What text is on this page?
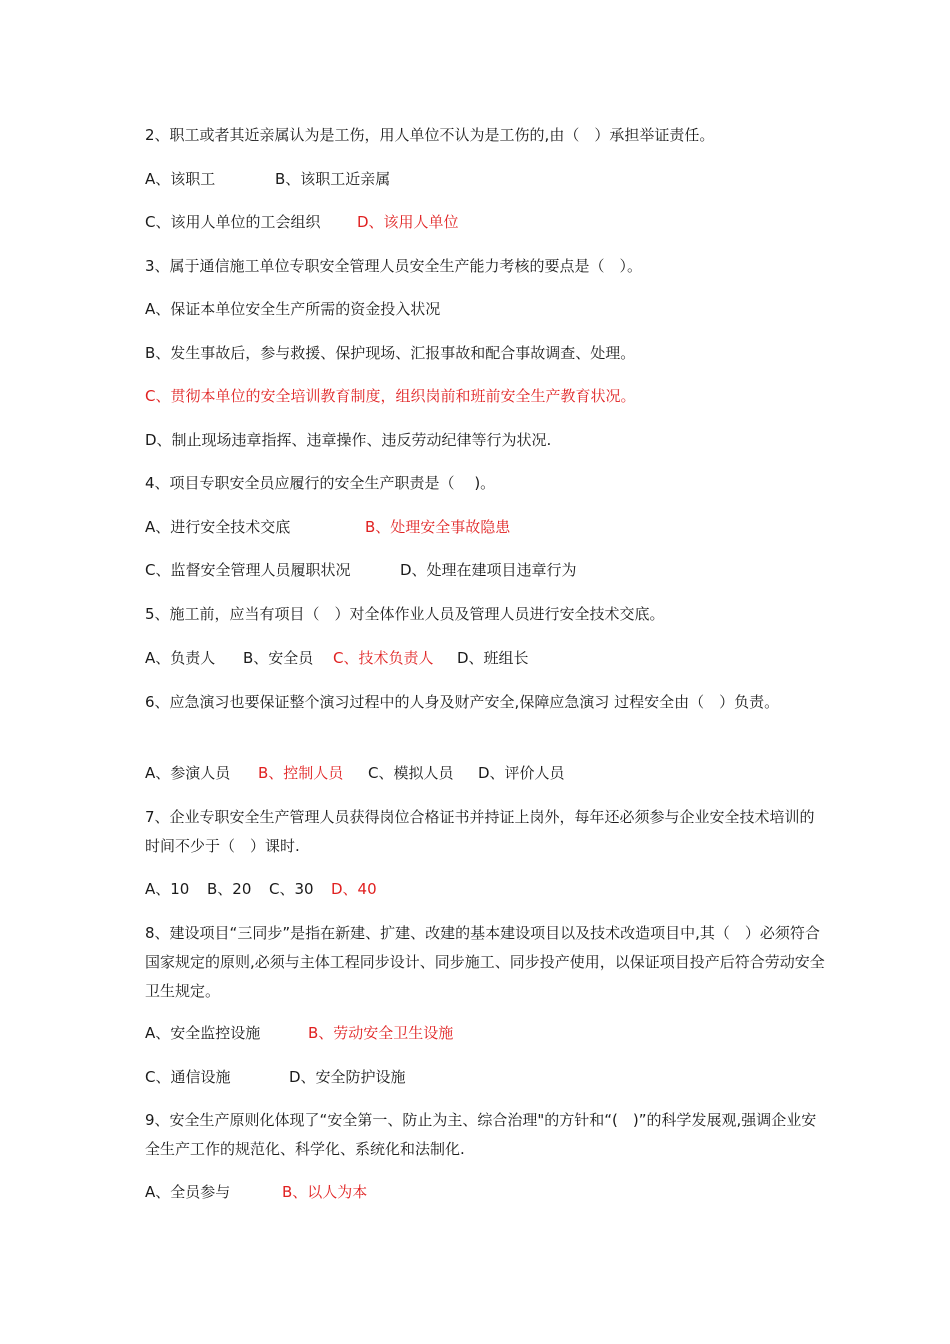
2、职工或者其近亲属认为是工伤，用人单位不认为是工伤的,由（　）承担举证责任。
A、该职工	B、该职工近亲属
C、该用人单位的工会组织 D、该用人单位
3、属于通信施工单位专职安全管理人员安全生产能力考核的要点是（　）。
A、保证本单位安全生产所需的资金投入状况
B、发生事故后，参与救援、保护现场、汇报事故和配合事故调查、处理。
C、贯彻本单位的安全培训教育制度，组织岗前和班前安全生产教育状况。
D、制止现场违章指挥、违章操作、违反劳动纪律等行为状况.
4、项目专职安全员应履行的安全生产职责是（　 )。
A、进行安全技术交底	B、处理安全事故隐患
C、监督安全管理人员履职状况	D、处理在建项目违章行为
5、施工前，应当有项目（　）对全体作业人员及管理人员进行安全技术交底。
A、负责人 B、安全员 C、技术负责人 D、班组长
6、应急演习也要保证整个演习过程中的人身及财产安全,保障应急演习 过程安全由（　）负责。
A、参演人员 B、控制人员 C、模拟人员 D、评价人员
7、企业专职安全生产管理人员获得岗位合格证书并持证上岗外，每年还必须参与企业安全技术培训的时间不少于（　）课时.
A、10 B、20 C、30 D、40
8、建设项目“三同步”是指在新建、扩建、改建的基本建设项目以及技术改造项目中,其（　）必须符合国家规定的原则,必须与主体工程同步设计、同步施工、同步投产使用，以保证项目投产后符合劳动安全卫生规定。
A、安全监控设施	B、劳动安全卫生设施
C、通信设施	D、安全防护设施
9、安全生产原则化体现了“安全第一、防止为主、综合治理"的方针和“(　)”的科学发展观,强调企业安全生产工作的规范化、科学化、系统化和法制化.
A、全员参与	B、以人为本
